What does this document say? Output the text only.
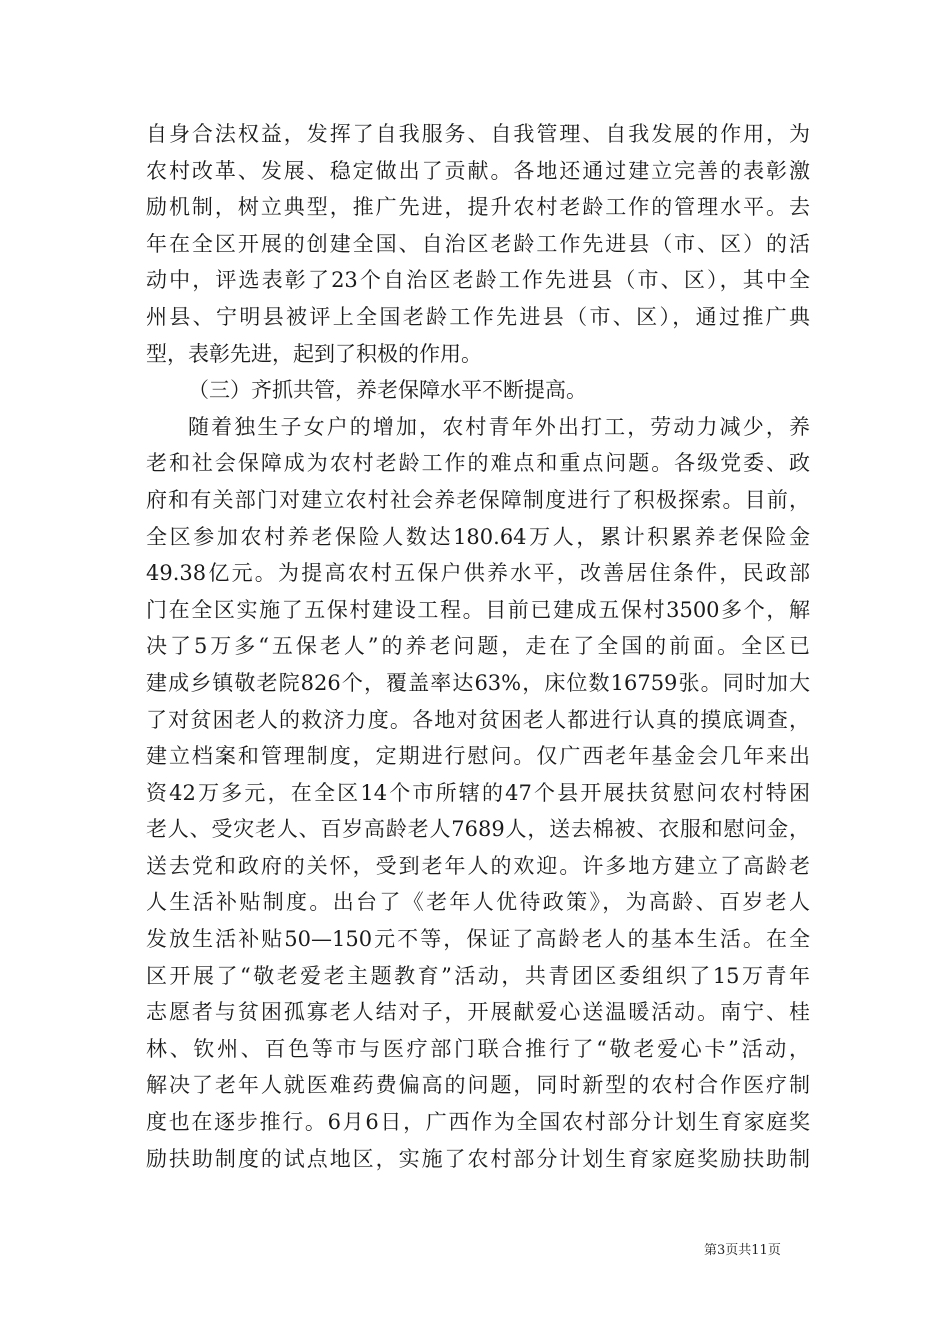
自身合法权益，发挥了自我服务、自我管理、自我发展的作用，为
农村改革、发展、稳定做出了贡献。各地还通过建立完善的表彰激
励机制，树立典型，推广先进，提升农村老龄工作的管理水平。去
年在全区开展的创建全国、自治区老龄工作先进县（市、区）的活
动中，评选表彰了23个自治区老龄工作先进县（市、区），其中全
州县、宁明县被评上全国老龄工作先进县（市、区），通过推广典
型，表彰先进，起到了积极的作用。
（三）齐抓共管，养老保障水平不断提高。
随着独生子女户的增加，农村青年外出打工，劳动力减少，养
老和社会保障成为农村老龄工作的难点和重点问题。各级党委、政
府和有关部门对建立农村社会养老保障制度进行了积极探索。目前，
全区参加农村养老保险人数达180.64万人，累计积累养老保险金
49.38亿元。为提高农村五保户供养水平，改善居住条件，民政部
门在全区实施了五保村建设工程。目前已建成五保村3500多个，解
决了5万多“五保老人”的养老问题，走在了全国的前面。全区已
建成乡镇敬老院826个，覆盖率达63%，床位数16759张。同时加大
了对贫困老人的救济力度。各地对贫困老人都进行认真的摸底调查，
建立档案和管理制度，定期进行慰问。仅广西老年基金会几年来出
资42万多元，在全区14个市所辖的47个县开展扶贫慰问农村特困
老人、受灾老人、百岁高龄老人7689人，送去棉被、衣服和慰问金，
送去党和政府的关怀，受到老年人的欢迎。许多地方建立了高龄老
人生活补贴制度。出台了《老年人优待政策》，为高龄、百岁老人
发放生活补贴50—150元不等，保证了高龄老人的基本生活。在全
区开展了“敬老爱老主题教育”活动，共青团区委组织了15万青年
志愿者与贫困孤寡老人结对子，开展献爱心送温暖活动。南宁、桂
林、钦州、百色等市与医疗部门联合推行了“敬老爱心卡”活动，
解决了老年人就医难药费偏高的问题，同时新型的农村合作医疗制
度也在逐步推行。6月6日，广西作为全国农村部分计划生育家庭奖
励扶助制度的试点地区，实施了农村部分计划生育家庭奖励扶助制
第3页共11页
